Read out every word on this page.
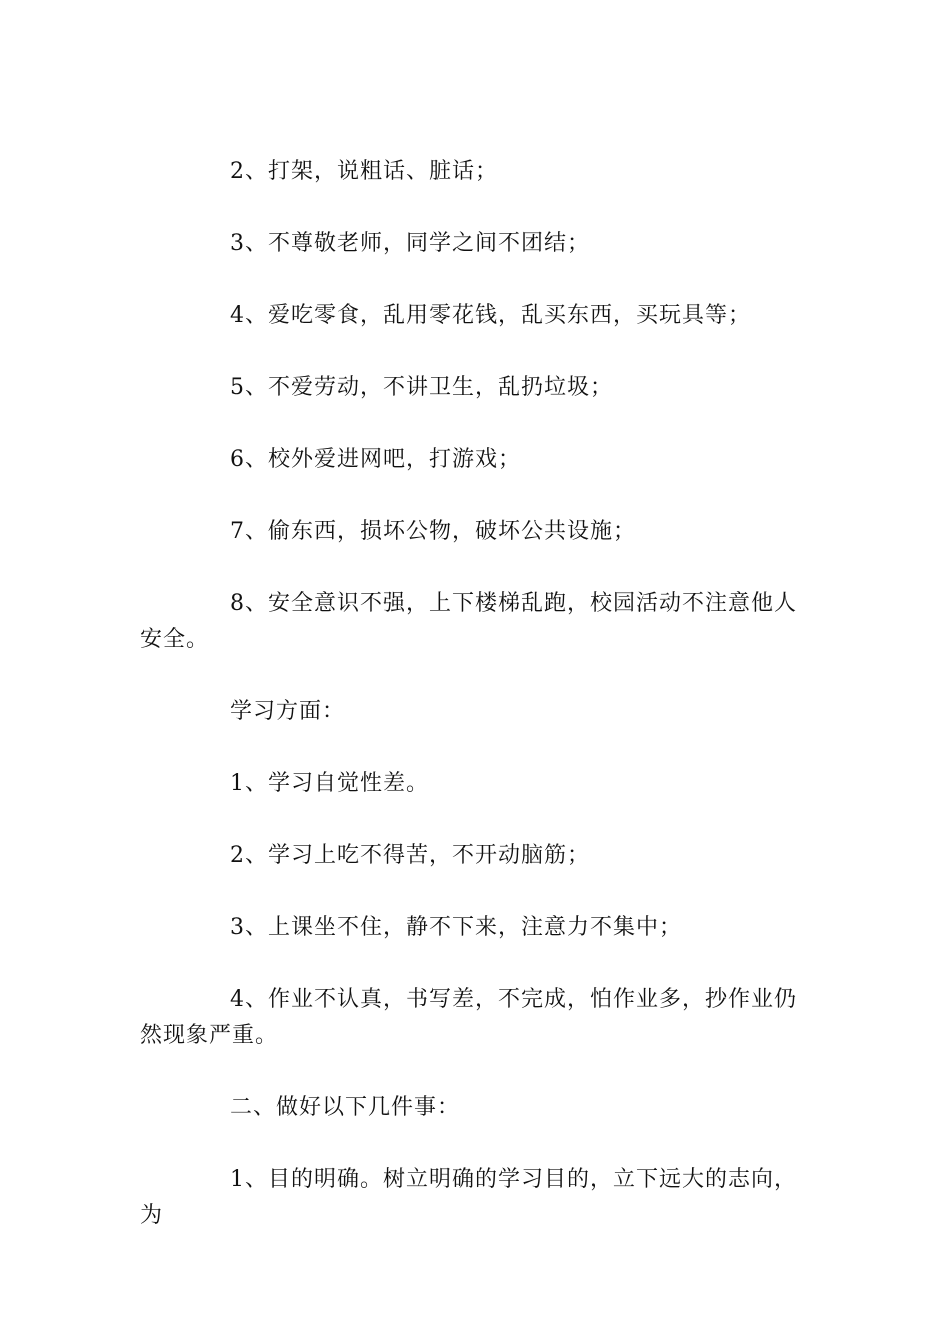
2、打架，说粗话、脏话；

3、不尊敬老师，同学之间不团结；

4、爱吃零食，乱用零花钱，乱买东西，买玩具等；

5、不爱劳动，不讲卫生，乱扔垃圾；

6、校外爱进网吧，打游戏；

7、偷东西，损坏公物，破坏公共设施；

8、安全意识不强，上下楼梯乱跑，校园活动不注意他人安全。

学习方面：

1、学习自觉性差。

2、学习上吃不得苦，不开动脑筋；

3、上课坐不住，静不下来，注意力不集中；

4、作业不认真，书写差，不完成，怕作业多，抄作业仍然现象严重。

二、做好以下几件事：

1、目的明确。树立明确的学习目的，立下远大的志向，为
